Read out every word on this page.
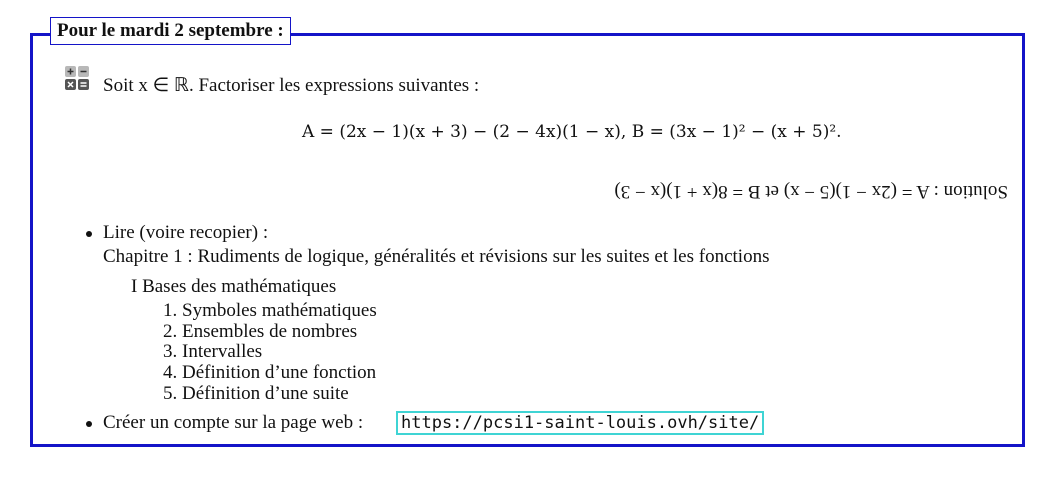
Pour le mardi 2 septembre :
Soit x ∈ ℝ. Factoriser les expressions suivantes :
A = (2x − 1)(x + 3) − (2 − 4x)(1 − x), B = (3x − 1)² − (x + 5)².
Solution : A = (2x − 1)(5 − x) et B = 8(x + 1)(x − 3)
Lire (voire recopier) :
Chapitre 1 : Rudiments de logique, généralités et révisions sur les suites et les fonctions
I Bases des mathématiques
1. Symboles mathématiques
2. Ensembles de nombres
3. Intervalles
4. Définition d’une fonction
5. Définition d’une suite
Créer un compte sur la page web : https://pcsi1-saint-louis.ovh/site/
